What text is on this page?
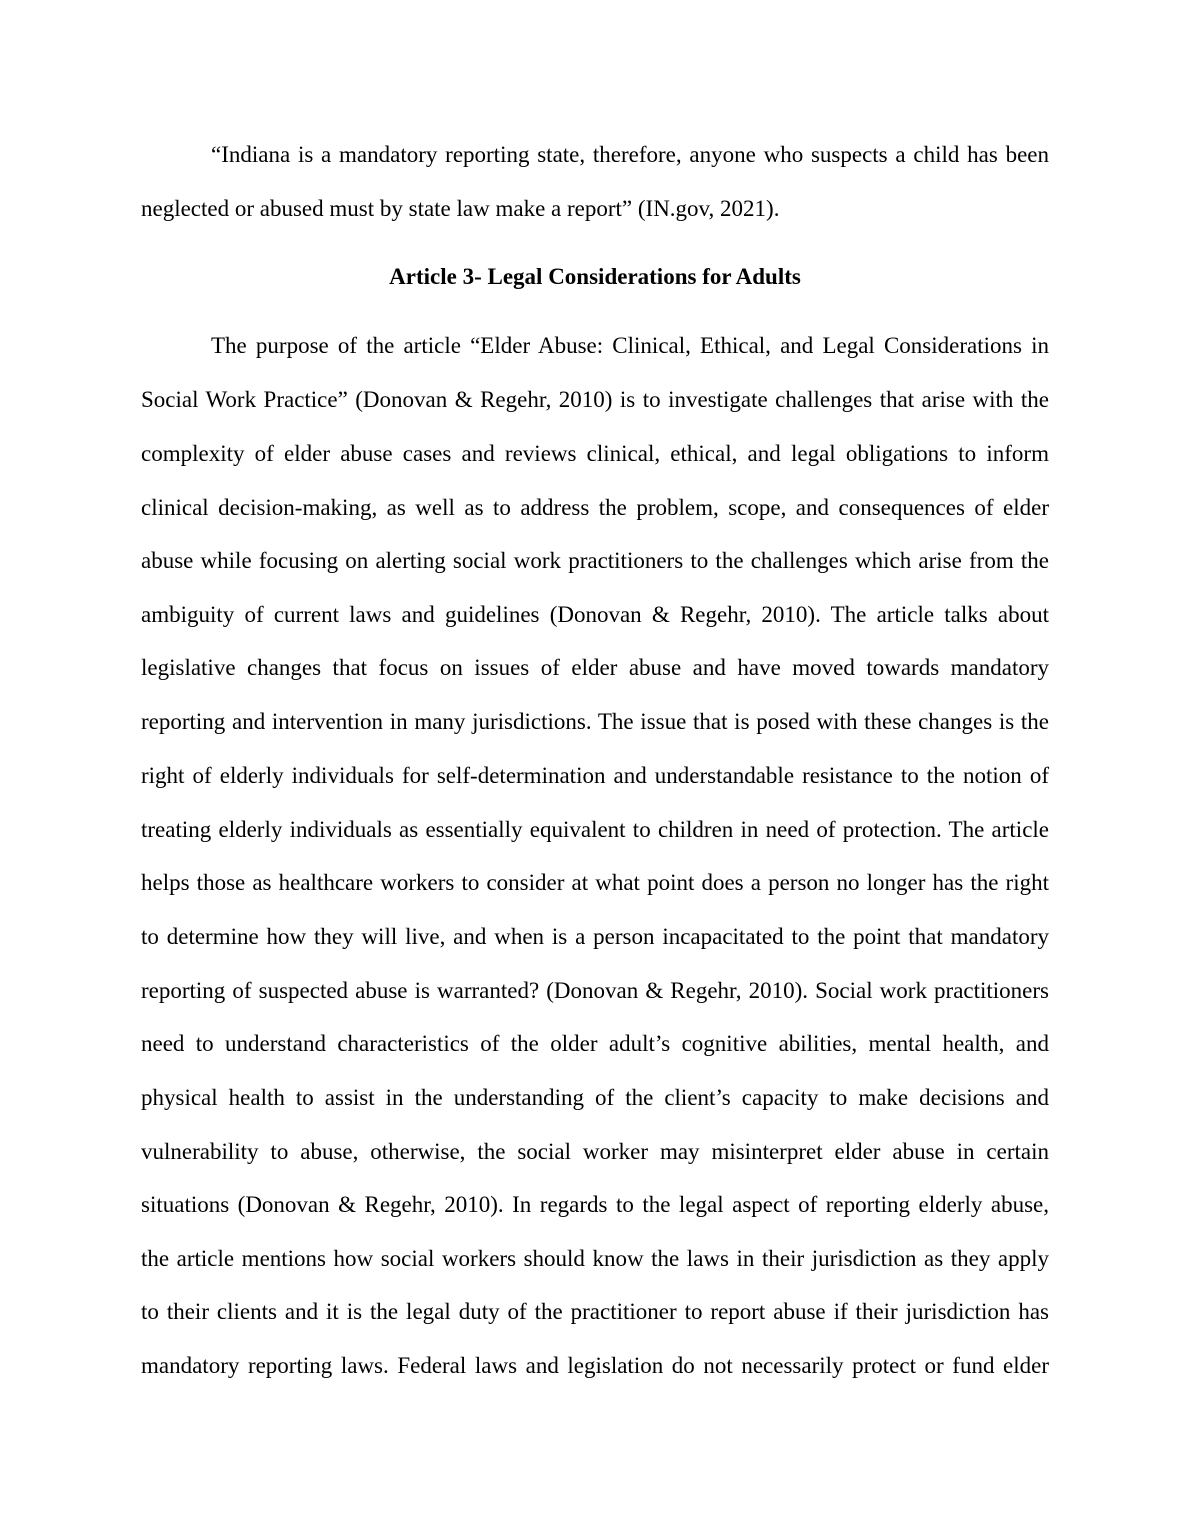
“Indiana is a mandatory reporting state, therefore, anyone who suspects a child has been
neglected or abused must by state law make a report” (IN.gov, 2021).
Article 3- Legal Considerations for Adults
The purpose of the article “Elder Abuse: Clinical, Ethical, and Legal Considerations in
Social Work Practice” (Donovan & Regehr, 2010) is to investigate challenges that arise with the
complexity of elder abuse cases and reviews clinical, ethical, and legal obligations to inform
clinical decision-making, as well as to address the problem, scope, and consequences of elder
abuse while focusing on alerting social work practitioners to the challenges which arise from the
ambiguity of current laws and guidelines (Donovan & Regehr, 2010). The article talks about
legislative changes that focus on issues of elder abuse and have moved towards mandatory
reporting and intervention in many jurisdictions. The issue that is posed with these changes is the
right of elderly individuals for self-determination and understandable resistance to the notion of
treating elderly individuals as essentially equivalent to children in need of protection. The article
helps those as healthcare workers to consider at what point does a person no longer has the right
to determine how they will live, and when is a person incapacitated to the point that mandatory
reporting of suspected abuse is warranted? (Donovan & Regehr, 2010). Social work practitioners
need to understand characteristics of the older adult’s cognitive abilities, mental health, and
physical health to assist in the understanding of the client’s capacity to make decisions and
vulnerability to abuse, otherwise, the social worker may misinterpret elder abuse in certain
situations (Donovan & Regehr, 2010). In regards to the legal aspect of reporting elderly abuse,
the article mentions how social workers should know the laws in their jurisdiction as they apply
to their clients and it is the legal duty of the practitioner to report abuse if their jurisdiction has
mandatory reporting laws. Federal laws and legislation do not necessarily protect or fund elder
